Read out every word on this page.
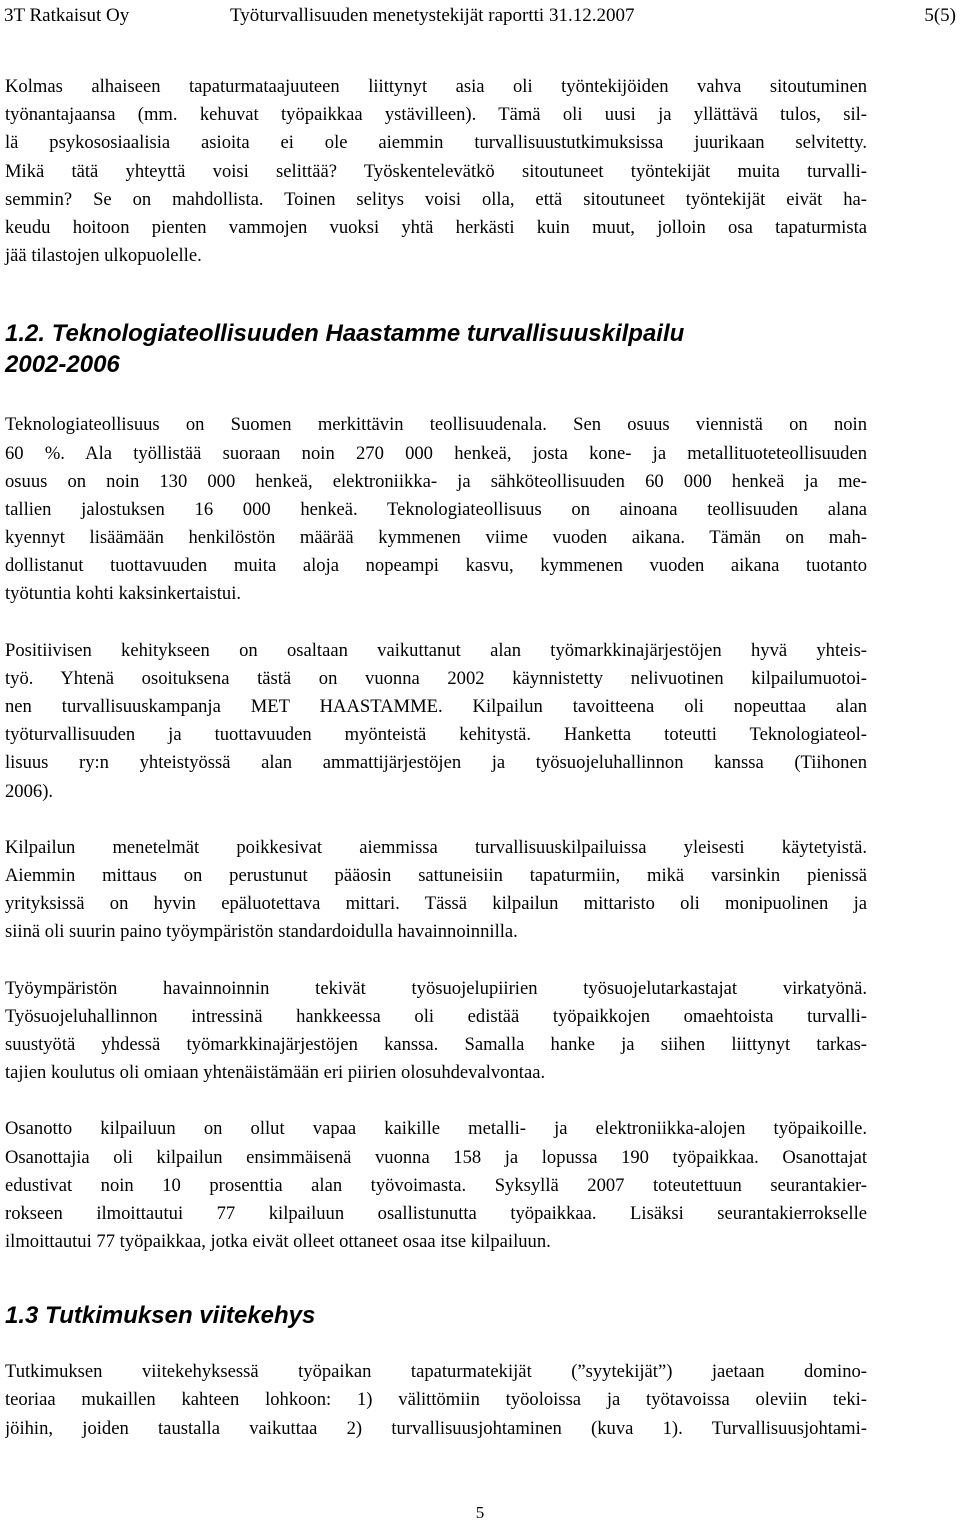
3T Ratkaisut Oy	Työturvallisuuden menetystekijät raportti 31.12.2007	5(5)

Kolmas alhaiseen tapaturmataajuuteen liittynyt asia oli työntekijöiden vahva sitoutuminen
työnantajaansa (mm. kehuvat työpaikkaa ystävilleen). Tämä oli uusi ja yllättävä tulos, sil-
lä psykososiaalisia asioita ei ole aiemmin turvallisuustutkimuksissa juurikaan selvitetty.
Mikä tätä yhteyttä voisi selittää? Työskentelevätkö sitoutuneet työntekijät muita turvalli-
semmin? Se on mahdollista. Toinen selitys voisi olla, että sitoutuneet työntekijät eivät ha-
keudu hoitoon pienten vammojen vuoksi yhtä herkästi kuin muut, jolloin osa tapaturmista
jää tilastojen ulkopuolelle.

1.2. Teknologiateollisuuden Haastamme turvallisuuskilpailu
2002-2006

Teknologiateollisuus on Suomen merkittävin teollisuudenala. Sen osuus viennistä on noin
60 %. Ala työllistää suoraan noin 270 000 henkeä, josta kone- ja metallituoteteollisuuden
osuus on noin 130 000 henkeä, elektroniikka- ja sähköteollisuuden 60 000 henkeä ja me-
tallien jalostuksen 16 000 henkeä. Teknologiateollisuus on ainoana teollisuuden alana
kyennyt lisäämään henkilöstön määrää kymmenen viime vuoden aikana. Tämän on mah-
dollistanut tuottavuuden muita aloja nopeampi kasvu, kymmenen vuoden aikana tuotanto
työtuntia kohti kaksinkertaistui.

Positiivisen kehitykseen on osaltaan vaikuttanut alan työmarkkinajärjestöjen hyvä yhteis-
työ. Yhtenä osoituksena tästä on vuonna 2002 käynnistetty nelivuotinen kilpailumuotoi-
nen turvallisuuskampanja MET HAASTAMME. Kilpailun tavoitteena oli nopeuttaa alan
työturvallisuuden ja tuottavuuden myönteistä kehitystä. Hanketta toteutti Teknologiateol-
lisuus ry:n yhteistyössä alan ammattijärjestöjen ja työsuojeluhallinnon kanssa (Tiihonen
2006).

Kilpailun menetelmät poikkesivat aiemmissa turvallisuuskilpailuissa yleisesti käytetyistä.
Aiemmin mittaus on perustunut pääosin sattuneisiin tapaturmiin, mikä varsinkin pienissä
yrityksissä on hyvin epäluotettava mittari. Tässä kilpailun mittaristo oli monipuolinen ja
siinä oli suurin paino työympäristön standardoidulla havainnoinnilla.

Työympäristön havainnoinnin tekivät työsuojelupiirien työsuojelutarkastajat virkatyönä.
Työsuojeluhallinnon intressinä hankkeessa oli edistää työpaikkojen omaehtoista turvalli-
suustyötä yhdessä työmarkkinajärjestöjen kanssa. Samalla hanke ja siihen liittynyt tarkas-
tajien koulutus oli omiaan yhtenäistämään eri piirien olosuhdevalvontaa.

Osanotto kilpailuun on ollut vapaa kaikille metalli- ja elektroniikka-alojen työpaikoille.
Osanottajia oli kilpailun ensimmäisenä vuonna 158 ja lopussa 190 työpaikkaa. Osanottajat
edustivat noin 10 prosenttia alan työvoimasta. Syksyllä 2007 toteutettuun seurantakier-
rokseen ilmoittautui 77 kilpailuun osallistunutta työpaikkaa. Lisäksi seurantakierrokselle
ilmoittautui 77 työpaikkaa, jotka eivät olleet ottaneet osaa itse kilpailuun.

1.3 Tutkimuksen viitekehys

Tutkimuksen viitekehyksessä työpaikan tapaturmatekijät (”syytekijät”) jaetaan domino-
teoriaa mukaillen kahteen lohkoon: 1) välittömiin työoloissa ja työtavoissa oleviin teki-
jöihin, joiden taustalla vaikuttaa 2) turvallisuusjohtaminen (kuva 1). Turvallisuusjohtami-

5
